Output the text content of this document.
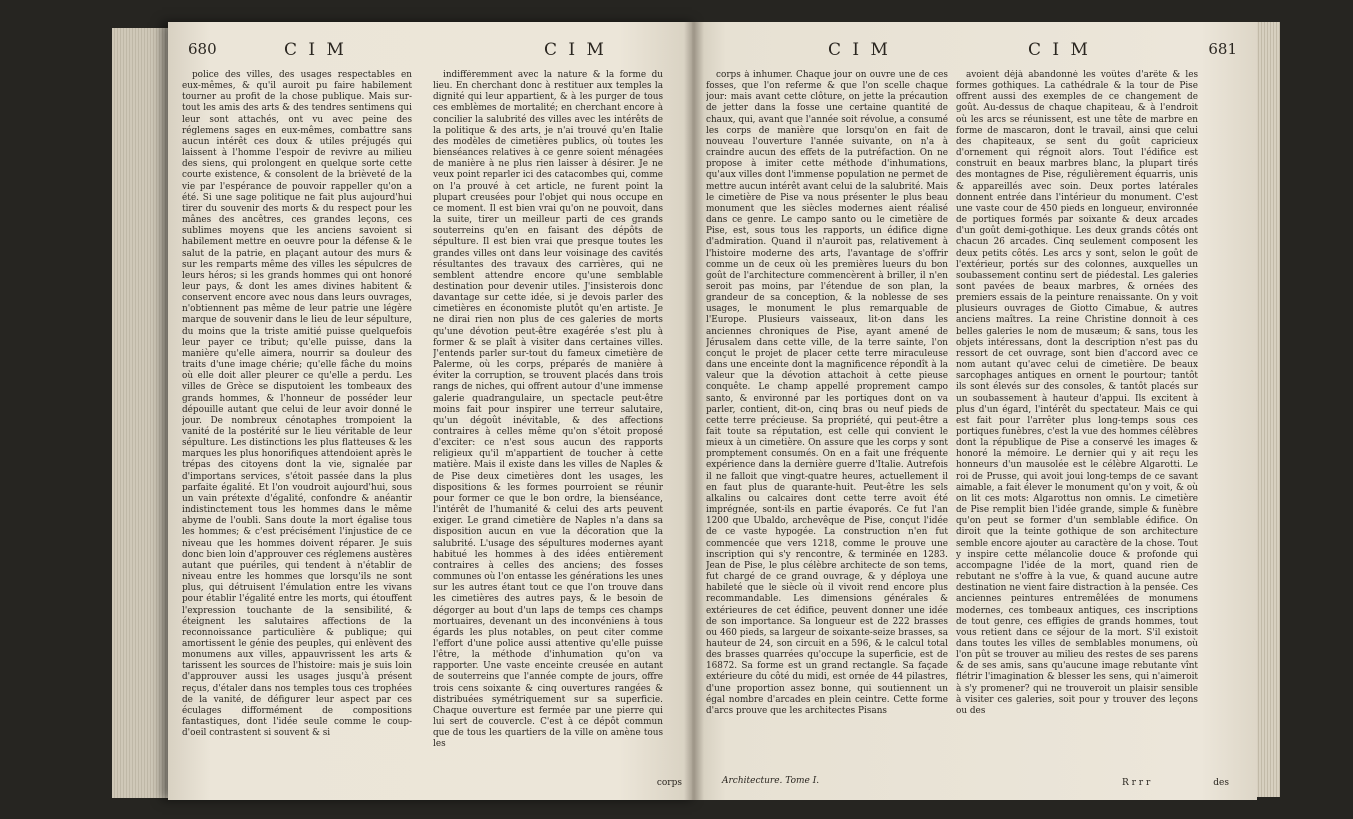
680	C I M	C I M

police des villes, des usages respectables en eux-mêmes, & qu'il auroit pu faire habilement tourner au profit de la chose publique. Mais sur-tout les amis des arts & des tendres sentimens qui leur sont attachés, ont vu avec peine des réglemens sages en eux-mêmes, combattre sans aucun intérêt ces doux & utiles préjugés qui laissent à l'homme l'espoir de revivre au milieu des siens, qui prolongent en quelque sorte cette courte existence, & consolent de la brièveté de la vie par l'espérance de pouvoir rappeller qu'on a été. Si une sage politique ne fait plus aujourd'hui tirer du souvenir des morts & du respect pour les mânes des ancêtres, ces grandes leçons, ces sublimes moyens que les anciens savoient si habilement mettre en oeuvre pour la défense & le salut de la patrie, en plaçant autour des murs & sur les remparts même des villes les sépulcres de leurs héros; si les grands hommes qui ont honoré leur pays, & dont les ames divines habitent & conservent encore avec nous dans leurs ouvrages, n'obtiennent pas même de leur patrie une légère marque de souvenir dans le lieu de leur sépulture, du moins que la triste amitié puisse quelquefois leur payer ce tribut; qu'elle puisse, dans la manière qu'elle aimera, nourrir sa douleur des traits d'une image chérie; qu'elle fâche du moins où elle doit aller pleurer ce qu'elle a perdu. Les villes de Grèce se disputoient les tombeaux des grands hommes, & l'honneur de posséder leur dépouille autant que celui de leur avoir donné le jour. De nombreux cénotaphes trompoient la vanité de la postérité sur le lieu véritable de leur sépulture. Les distinctions les plus flatteuses & les marques les plus honorifiques attendoient après le trépas des citoyens dont la vie, signalée par d'importans services, s'étoit passée dans la plus parfaite égalité. Et l'on voudroit aujourd'hui, sous un vain prétexte d'égalité, confondre & anéantir indistinctement tous les hommes dans le même abyme de l'oubli. Sans doute la mort égalise tous les hommes; & c'est précisément l'injustice de ce niveau que les hommes doivent réparer. Je suis donc bien loin d'approuver ces réglemens austères autant que puériles, qui tendent à n'établir de niveau entre les hommes que lorsqu'ils ne sont plus, qui détruisent l'émulation entre les vivans pour établir l'égalité entre les morts, qui étouffent l'expression touchante de la sensibilité, & éteignent les salutaires affections de la reconnoissance particulière & publique; qui amortissent le génie des peuples, qui enlèvent des monumens aux villes, appauvrissent les arts & tarissent les sources de l'histoire: mais je suis loin d'approuver aussi les usages jusqu'à présent reçus, d'étaler dans nos temples tous ces trophées de la vanité, de défigurer leur aspect par ces éculages difformément de compositions fantastiques, dont l'idée seule comme le coup-d'oeil contrastent si souvent & si

indifféremment avec la nature & la forme du lieu. En cherchant donc à restituer aux temples la dignité qui leur appartient, & à les purger de tous ces emblèmes de mortalité; en cherchant encore à concilier la salubrité des villes avec les intérêts de la politique & des arts, je n'ai trouvé qu'en Italie des modèles de cimetières publics, où toutes les bienséances relatives à ce genre soient ménagées de manière à ne plus rien laisser à désirer. Je ne veux point reparler ici des catacombes qui, comme on l'a prouvé à cet article, ne furent point la plupart creusées pour l'objet qui nous occupe en ce moment. Il est bien vrai qu'on ne pouvoit, dans la suite, tirer un meilleur parti de ces grands souterreins qu'en en faisant des dépôts de sépulture. Il est bien vrai que presque toutes les grandes villes ont dans leur voisinage des cavités résultantes des travaux des carrières, qui ne semblent attendre encore qu'une semblable destination pour devenir utiles. J'insisterois donc davantage sur cette idée, si je devois parler des cimetières en économiste plutôt qu'en artiste. Je ne dirai rien non plus de ces galeries de morts qu'une dévotion peut-être exagérée s'est plu à former & se plaît à visiter dans certaines villes. J'entends parler sur-tout du fameux cimetière de Palerme, où les corps, préparés de manière à éviter la corruption, se trouvent placés dans trois rangs de niches, qui offrent autour d'une immense galerie quadrangulaire, un spectacle peut-être moins fait pour inspirer une terreur salutaire, qu'un dégoût inévitable, & des affections contraires à celles même qu'on s'étoit proposé d'exciter: ce n'est sous aucun des rapports religieux qu'il m'appartient de toucher à cette matière. Mais il existe dans les villes de Naples & de Pise deux cimetières dont les usages, les dispositions & les formes pourroient se réunir pour former ce que le bon ordre, la bienséance, l'intérêt de l'humanité & celui des arts peuvent exiger. Le grand cimetière de Naples n'a dans sa disposition aucun en vue la décoration que la salubrité. L'usage des sépultures modernes ayant habitué les hommes à des idées entièrement contraires à celles des anciens; des fosses communes où l'on entasse les générations les unes sur les autres étant tout ce que l'on trouve dans les cimetières des autres pays, & le besoin de dégorger au bout d'un laps de temps ces champs mortuaires, devenant un des inconvéniens à tous égards les plus notables, on peut citer comme l'effort d'une police aussi attentive qu'elle puisse l'être, la méthode d'inhumation qu'on va rapporter. Une vaste enceinte creusée en autant de souterreins que l'année compte de jours, offre trois cens soixante & cinq ouvertures rangées & distribuées symétriquement sur sa superficie. Chaque ouverture est fermée par une pierre qui lui sert de couvercle. C'est à ce dépôt commun que de tous les quartiers de la ville on amène tous les

corps
C I M	C I M	681

corps à inhumer. Chaque jour on ouvre une de ces fosses, que l'on referme & que l'on scelle chaque jour: mais avant cette clôture, on jette la précaution de jetter dans la fosse une certaine quantité de chaux, qui, avant que l'année soit révolue, a consumé les corps de manière que lorsqu'on en fait de nouveau l'ouverture l'année suivante, on n'a à craindre aucun des effets de la putréfaction. On ne propose à imiter cette méthode d'inhumations, qu'aux villes dont l'immense population ne permet de mettre aucun intérêt avant celui de la salubrité. Mais le cimetière de Pise va nous présenter le plus beau monument que les siècles modernes aient réalisé dans ce genre. Le campo santo ou le cimetière de Pise, est, sous tous les rapports, un édifice digne d'admiration. Quand il n'auroit pas, relativement à l'histoire moderne des arts, l'avantage de s'offrir comme un de ceux où les premières lueurs du bon goût de l'architecture commencèrent à briller, il n'en seroit pas moins, par l'étendue de son plan, la grandeur de sa conception, & la noblesse de ses usages, le monument le plus remarquable de l'Europe. Plusieurs vaisseaux, lit-on dans les anciennes chroniques de Pise, ayant amené de Jérusalem dans cette ville, de la terre sainte, l'on conçut le projet de placer cette terre miraculeuse dans une enceinte dont la magnificence répondît à la valeur que la dévotion attachoit à cette pieuse conquête. Le champ appellé proprement campo santo, & environné par les portiques dont on va parler, contient, dit-on, cinq bras ou neuf pieds de cette terre précieuse. Sa propriété, qui peut-être a fait toute sa réputation, est celle qui convient le mieux à un cimetière. On assure que les corps y sont promptement consumés. On en a fait une fréquente expérience dans la dernière guerre d'Italie. Autrefois il ne falloit que vingt-quatre heures, actuellement il en faut plus de quarante-huit. Peut-être les sels alkalins ou calcaires dont cette terre avoit été imprégnée, sont-ils en partie évaporés. Ce fut l'an 1200 que Ubaldo, archevêque de Pise, conçut l'idée de ce vaste hypogée. La construction n'en fut commencée que vers 1218, comme le prouve une inscription qui s'y rencontre, & terminée en 1283. Jean de Pise, le plus célèbre architecte de son tems, fut chargé de ce grand ouvrage, & y déploya une habileté que le siècle où il vivoit rend encore plus recommandable. Les dimensions générales & extérieures de cet édifice, peuvent donner une idée de son importance. Sa longueur est de 222 brasses ou 460 pieds, sa largeur de soixante-seize brasses, sa hauteur de 24, son circuit en a 596, & le calcul total des brasses quarrées qu'occupe la superficie, est de 16872. Sa forme est un grand rectangle. Sa façade extérieure du côté du midi, est ornée de 44 pilastres, d'une proportion assez bonne, qui soutiennent un égal nombre d'arcades en plein ceintre. Cette forme d'arcs prouve que les architectes Pisans

avoient déjà abandonné les voûtes d'arête & les formes gothiques. La cathédrale & la tour de Pise offrent aussi des exemples de ce changement de goût. Au-dessus de chaque chapiteau, & à l'endroit où les arcs se réunissent, est une tête de marbre en forme de mascaron, dont le travail, ainsi que celui des chapiteaux, se sent du goût capricieux d'ornement qui régnoit alors. Tout l'édifice est construit en beaux marbres blanc, la plupart tirés des montagnes de Pise, régulièrement équarris, unis & appareillés avec soin. Deux portes latérales donnent entrée dans l'intérieur du monument. C'est une vaste cour de 450 pieds en longueur, environnée de portiques formés par soixante & deux arcades d'un goût demi-gothique. Les deux grands côtés ont chacun 26 arcades. Cinq seulement composent les deux petits côtés. Les arcs y sont, selon le goût de l'extérieur, portés sur des colonnes, auxquelles un soubassement continu sert de piédestal. Les galeries sont pavées de beaux marbres, & ornées des premiers essais de la peinture renaissante. On y voit plusieurs ouvrages de Giotto Cimabue, & autres anciens maîtres. La reine Christine donnoit à ces belles galeries le nom de musæum; & sans, tous les objets intéressans, dont la description n'est pas du ressort de cet ouvrage, sont bien d'accord avec ce nom autant qu'avec celui de cimetière. De beaux sarcophages antiques en ornent le pourtour; tantôt ils sont élevés sur des consoles, & tantôt placés sur un soubassement à hauteur d'appui. Ils excitent à plus d'un égard, l'intérêt du spectateur. Mais ce qui est fait pour l'arrêter plus long-temps sous ces portiques funèbres, c'est la vue des hommes célèbres dont la république de Pise a conservé les images & honoré la mémoire. Le dernier qui y ait reçu les honneurs d'un mausolée est le célèbre Algarotti. Le roi de Prusse, qui avoit joui long-temps de ce savant aimable, a fait élever le monument qu'on y voit, & où on lit ces mots: Algarottus non omnis. Le cimetière de Pise remplit bien l'idée grande, simple & funèbre qu'on peut se former d'un semblable édifice. On diroit que la teinte gothique de son architecture semble encore ajouter au caractère de la chose. Tout y inspire cette mélancolie douce & profonde qui accompagne l'idée de la mort, quand rien de rebutant ne s'offre à la vue, & quand aucune autre destination ne vient faire distraction à la pensée. Ces anciennes peintures entremêlées de monumens modernes, ces tombeaux antiques, ces inscriptions de tout genre, ces effigies de grands hommes, tout vous retient dans ce séjour de la mort. S'il existoit dans toutes les villes de semblables monumens, où l'on pût se trouver au milieu des restes de ses parens & de ses amis, sans qu'aucune image rebutante vînt flétrir l'imagination & blesser les sens, qui n'aimeroit à s'y promener? qui ne trouveroit un plaisir sensible à visiter ces galeries, soit pour y trouver des leçons ou des

Architecture. Tome I.	R r r r	des
